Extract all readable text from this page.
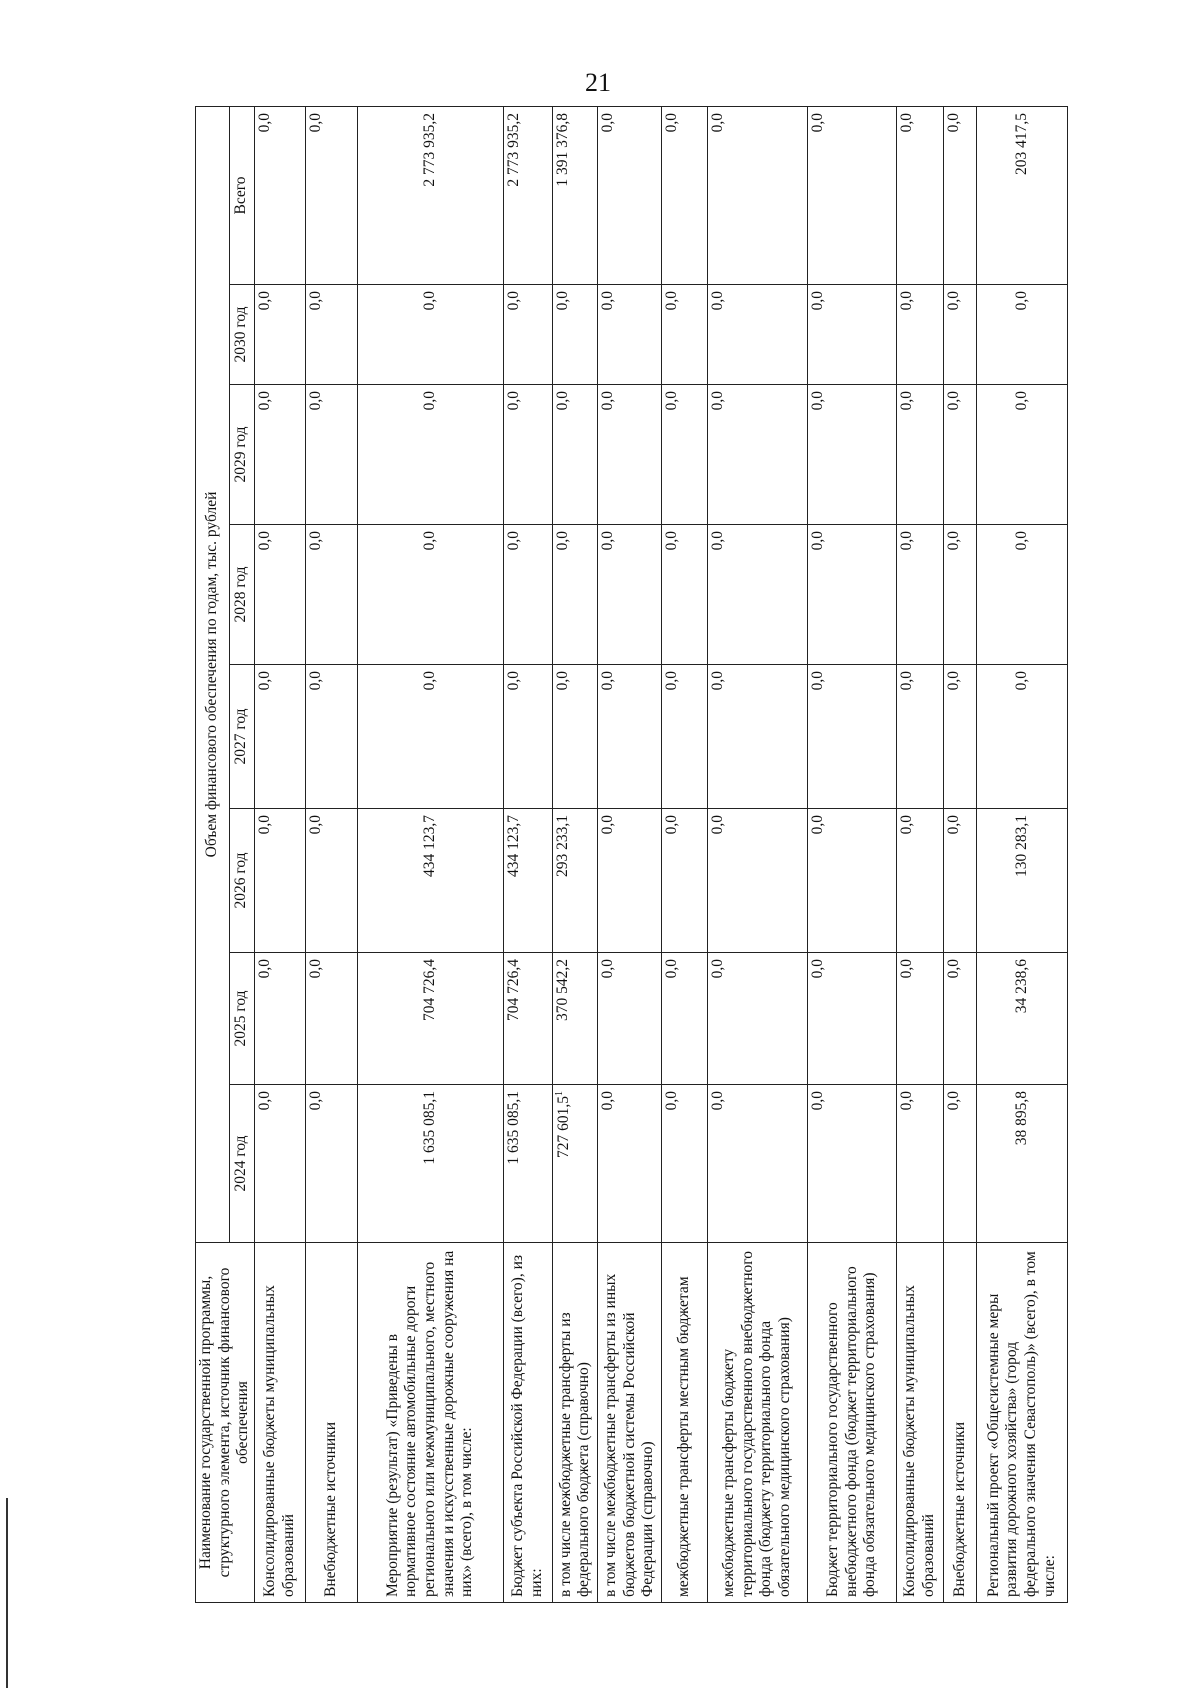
21
Наименование государственной программы, структурного элемента, источник финансового обеспечения	Объем финансового обеспечения по годам, тыс. рублей							
	2024 год	2025 год	2026 год	2027 год	2028 год	2029 год	2030 год	Всего
Консолидированные бюджеты муниципальных образований	0,0	0,0	0,0	0,0	0,0	0,0	0,0	0,0
Внебюджетные источники	0,0	0,0	0,0	0,0	0,0	0,0	0,0	0,0
Мероприятие (результат) «Приведены в нормативное состояние автомобильные дороги регионального или межмуниципального, местного значения и искусственные дорожные сооружения на них» (всего), в том числе:	1 635 085,1	704 726,4	434 123,7	0,0	0,0	0,0	0,0	2 773 935,2
Бюджет субъекта Российской Федерации (всего), из них:	1 635 085,1	704 726,4	434 123,7	0,0	0,0	0,0	0,0	2 773 935,2
в том числе межбюджетные трансферты из федерального бюджета (справочно)	727 601,5$^1$	370 542,2	293 233,1	0,0	0,0	0,0	0,0	1 391 376,8
в том числе межбюджетные трансферты из иных бюджетов бюджетной системы Российской Федерации (справочно)	0,0	0,0	0,0	0,0	0,0	0,0	0,0	0,0
межбюджетные трансферты местным бюджетам	0,0	0,0	0,0	0,0	0,0	0,0	0,0	0,0
межбюджетные трансферты бюджету территориального государственного внебюджетного фонда (бюджету территориального фонда обязательного медицинского страхования)	0,0	0,0	0,0	0,0	0,0	0,0	0,0	0,0
Бюджет территориального государственного внебюджетного фонда (бюджет территориального фонда обязательного медицинского страхования)	0,0	0,0	0,0	0,0	0,0	0,0	0,0	0,0
Консолидированные бюджеты муниципальных образований	0,0	0,0	0,0	0,0	0,0	0,0	0,0	0,0
Внебюджетные источники	0,0	0,0	0,0	0,0	0,0	0,0	0,0	0,0
Региональный проект «Общесистемные меры развития дорожного хозяйства» (город федерального значения Севастополь)» (всего), в том числе:	38 895,8	34 238,6	130 283,1	0,0	0,0	0,0	0,0	203 417,5
